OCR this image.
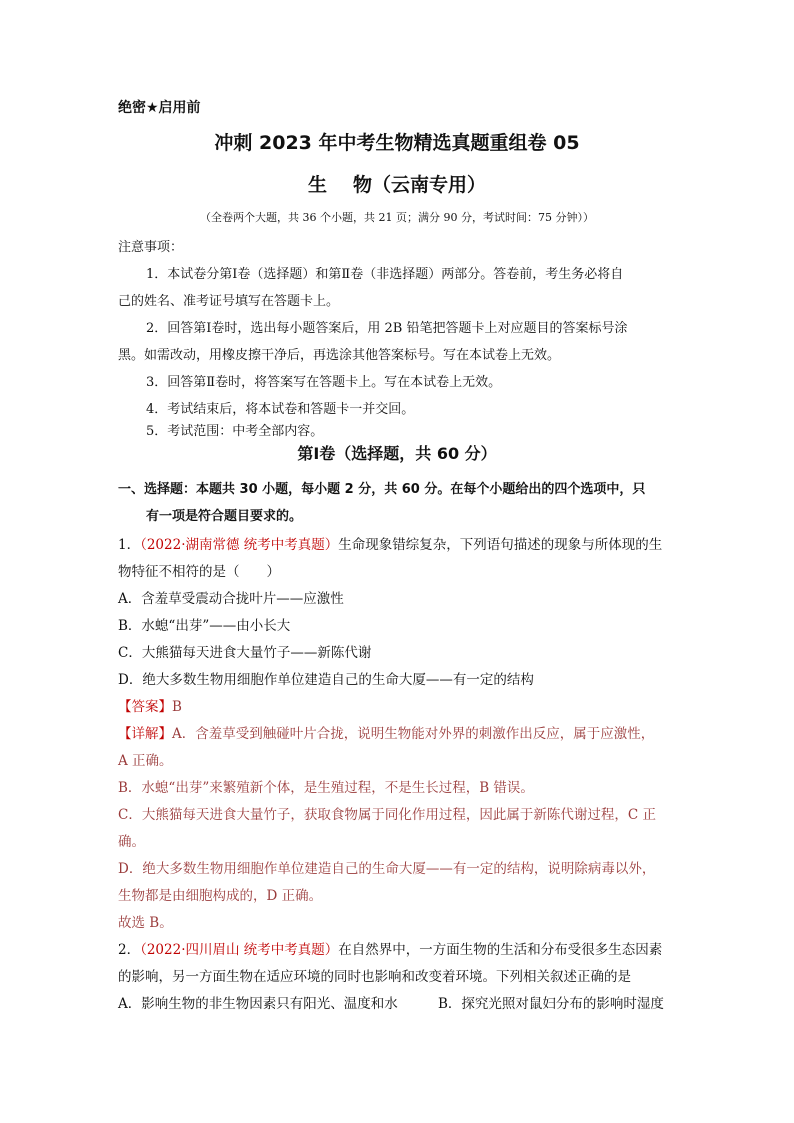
绝密★启用前
冲刺 2023 年中考生物精选真题重组卷 05
生 物（云南专用）
（全卷两个大题，共 36 个小题，共 21 页；满分 90 分，考试时间：75 分钟））
注意事项：
1．本试卷分第Ⅰ卷（选择题）和第Ⅱ卷（非选择题）两部分。答卷前，考生务必将自
己的姓名、准考证号填写在答题卡上。
2．回答第Ⅰ卷时，选出每小题答案后，用 2B 铅笔把答题卡上对应题目的答案标号涂
黑。如需改动，用橡皮擦干净后，再选涂其他答案标号。写在本试卷上无效。
3．回答第Ⅱ卷时，将答案写在答题卡上。写在本试卷上无效。
4．考试结束后，将本试卷和答题卡一并交回。
5．考试范围：中考全部内容。
第Ⅰ卷（选择题，共 60 分）
一、选择题：本题共 30 小题，每小题 2 分，共 60 分。在每个小题给出的四个选项中，只
有一项是符合题目要求的。
1．（2022·湖南常德 统考中考真题）生命现象错综复杂，下列语句描述的现象与所体现的生
物特征不相符的是（　　）
A．含羞草受震动合拢叶片——应激性
B．水螅“出芽”——由小长大
C．大熊猫每天进食大量竹子——新陈代谢
D．绝大多数生物用细胞作单位建造自己的生命大厦——有一定的结构
【答案】B
【详解】A．含羞草受到触碰叶片合拢，说明生物能对外界的刺激作出反应，属于应激性，
A 正确。
B．水螅“出芽”来繁殖新个体，是生殖过程，不是生长过程，B 错误。
C．大熊猫每天进食大量竹子，获取食物属于同化作用过程，因此属于新陈代谢过程，C 正
确。
D．绝大多数生物用细胞作单位建造自己的生命大厦——有一定的结构，说明除病毒以外，
生物都是由细胞构成的，D 正确。
故选 B。
2．（2022·四川眉山 统考中考真题）在自然界中，一方面生物的生活和分布受很多生态因素
的影响，另一方面生物在适应环境的同时也影响和改变着环境。下列相关叙述正确的是
A．影响生物的非生物因素只有阳光、温度和水	B．探究光照对鼠妇分布的影响时湿度
